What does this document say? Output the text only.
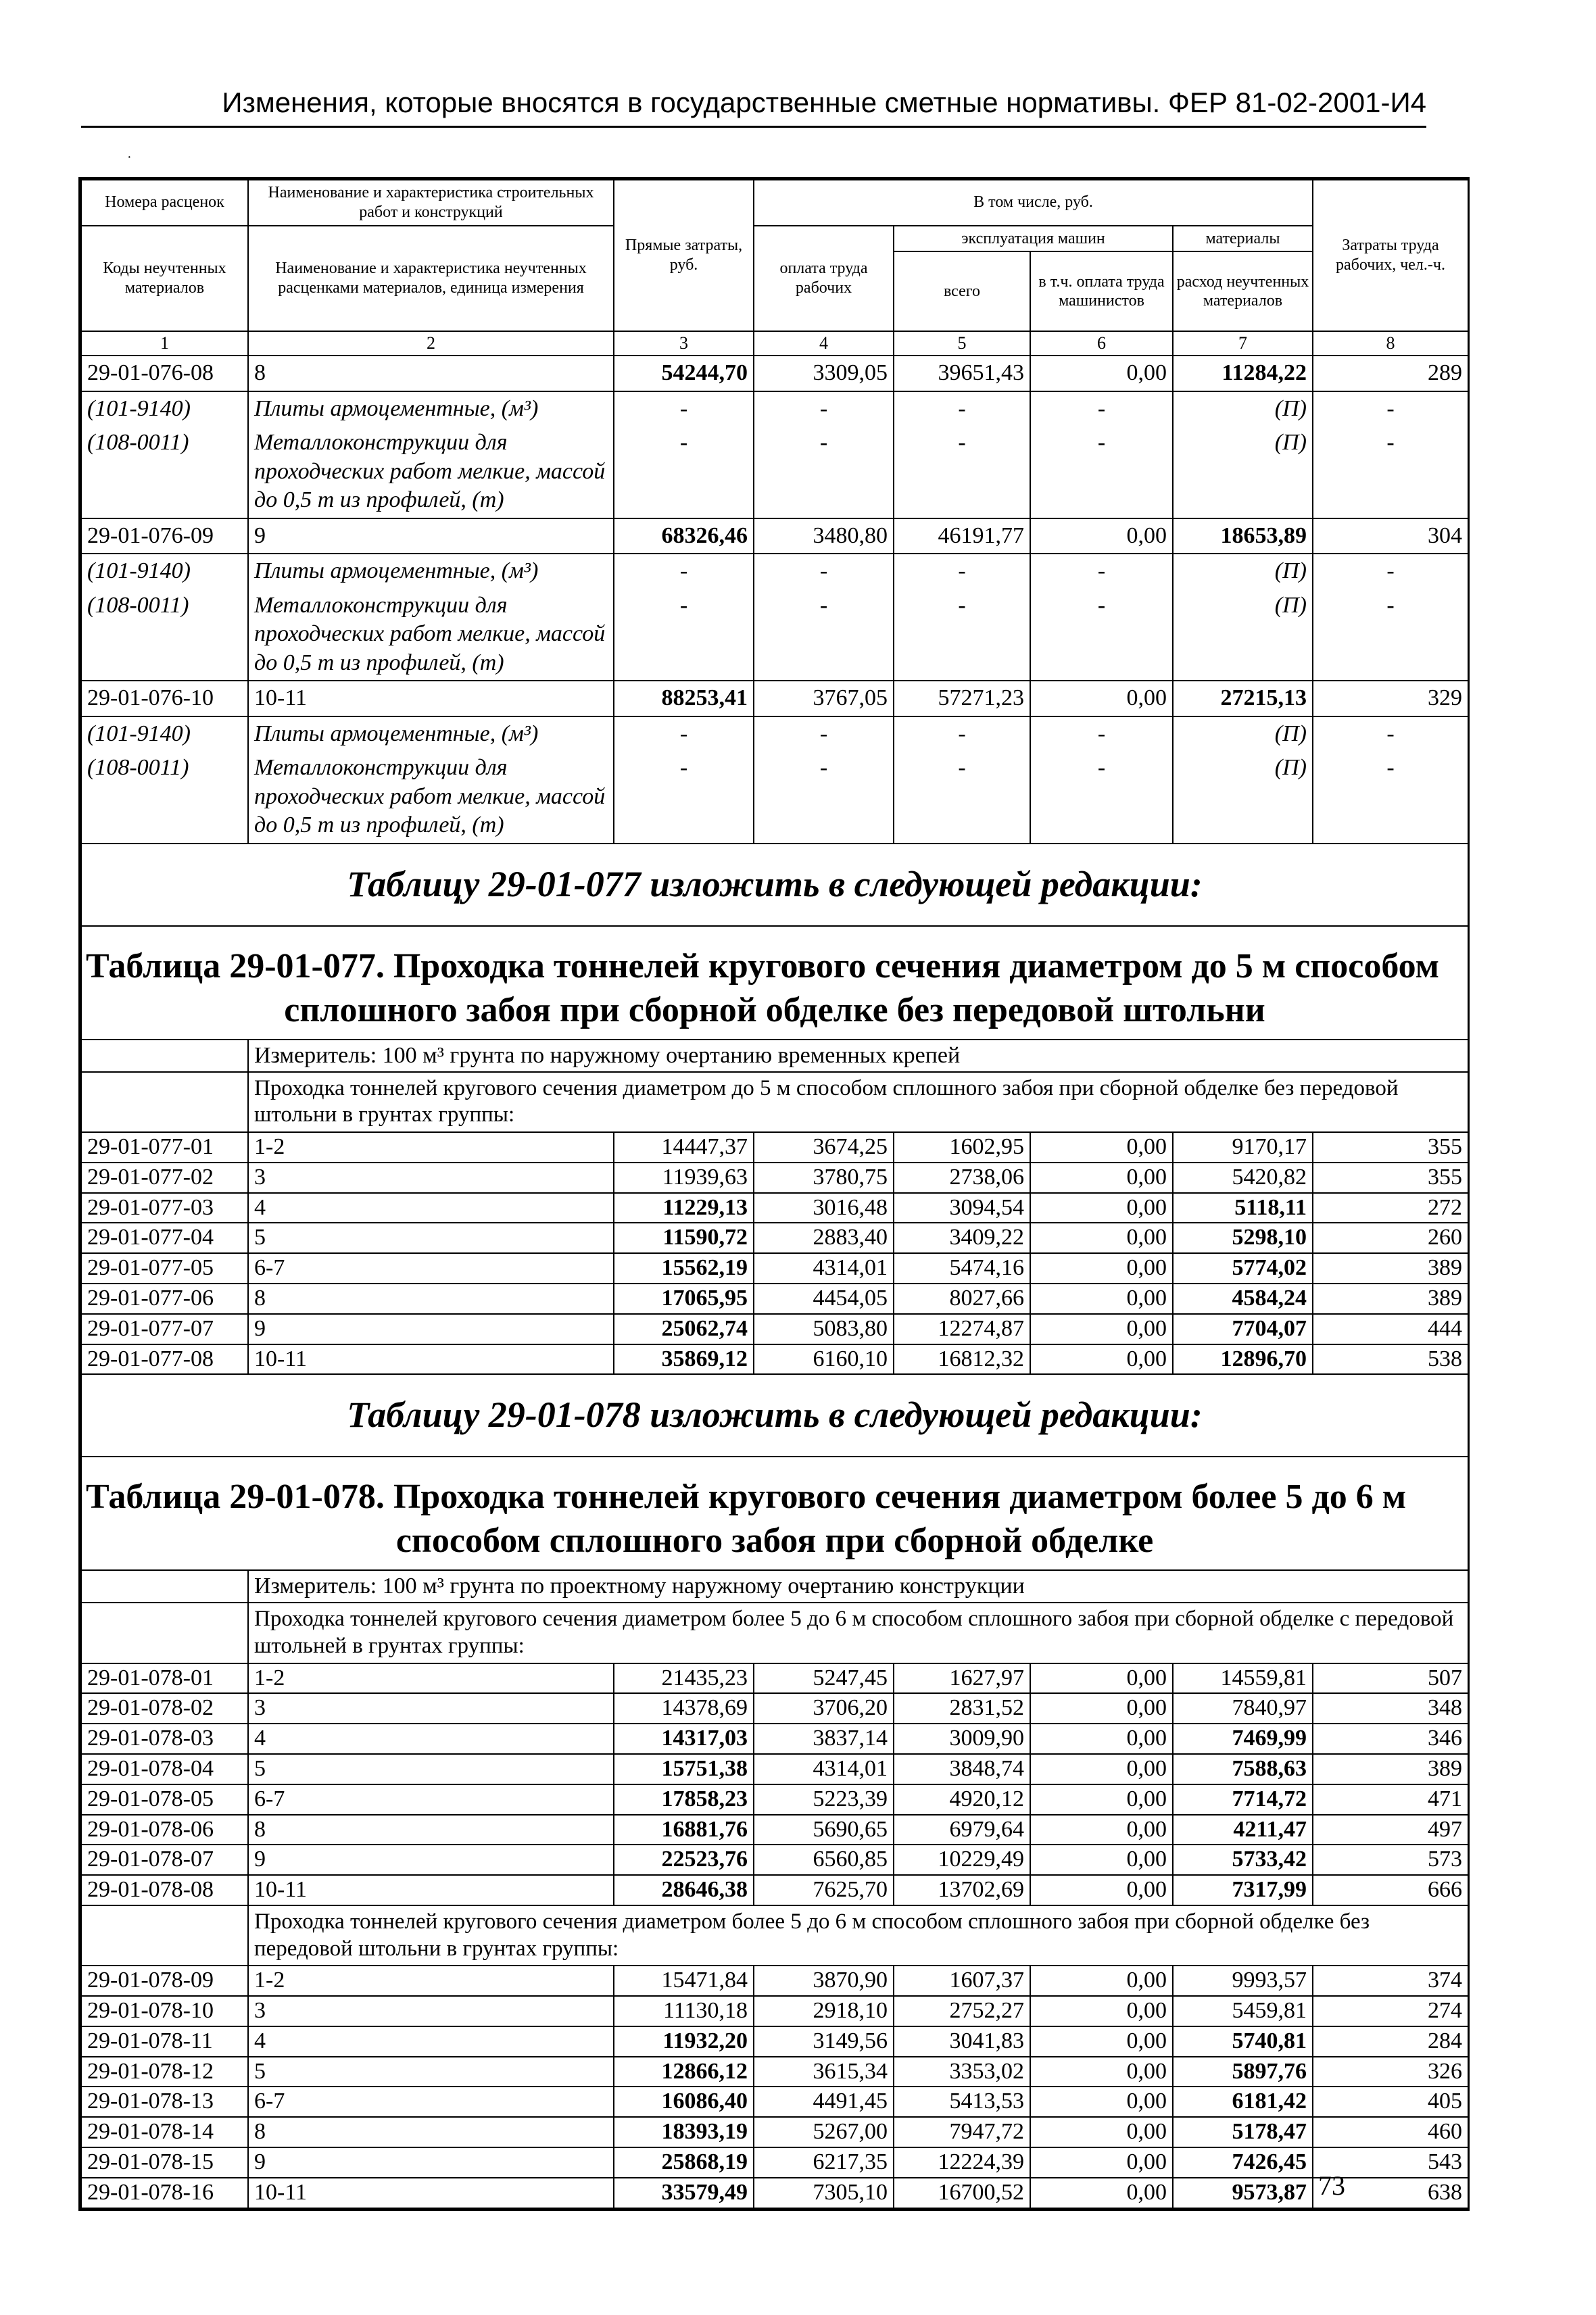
Изменения, которые вносятся в государственные сметные нормативы. ФЕР 81-02-2001-И4
·
Номера расценок	Наименование и характеристика строительных работ и конструкций	Прямые затраты, руб.	В том числе, руб.				Затраты труда рабочих, чел.-ч.
Коды неучтенных материалов	Наименование и характеристика неучтенных расценками материалов, единица измерения		оплата труда рабочих	эксплуатация машин		материалы	
				всего	в т.ч. оплата труда машинистов	расход неучтенных материалов	
1	2	3	4	5	6	7	8
29-01-076-08	8	54244,70	3309,05	39651,43	0,00	11284,22	289
(101-9140)	Плиты армоцементные, (м³)	-	-	-	-	(П)	-
(108-0011)	Металлоконструкции для проходческих работ мелкие, массой до 0,5 т из профилей, (т)	-	-	-	-	(П)	-
29-01-076-09	9	68326,46	3480,80	46191,77	0,00	18653,89	304
(101-9140)	Плиты армоцементные, (м³)	-	-	-	-	(П)	-
(108-0011)	Металлоконструкции для проходческих работ мелкие, массой до 0,5 т из профилей, (т)	-	-	-	-	(П)	-
29-01-076-10	10-11	88253,41	3767,05	57271,23	0,00	27215,13	329
(101-9140)	Плиты армоцементные, (м³)	-	-	-	-	(П)	-
(108-0011)	Металлоконструкции для проходческих работ мелкие, массой до 0,5 т из профилей, (т)	-	-	-	-	(П)	-
Таблицу 29-01-077 изложить в следующей редакции:							
Таблица 29-01-077. Проходка тоннелей кругового сечения диаметром до 5 м способом
сплошного забоя при сборной обделке без передовой штольни							

	Измеритель: 100 м³ грунта по наружному очертанию временных крепей						
	Проходка тоннелей кругового сечения диаметром до 5 м способом сплошного забоя при сборной обделке без передовой штольни в грунтах группы:						
29-01-077-01	1-2	14447,37	3674,25	1602,95	0,00	9170,17	355
29-01-077-02	3	11939,63	3780,75	2738,06	0,00	5420,82	355
29-01-077-03	4	11229,13	3016,48	3094,54	0,00	5118,11	272
29-01-077-04	5	11590,72	2883,40	3409,22	0,00	5298,10	260
29-01-077-05	6-7	15562,19	4314,01	5474,16	0,00	5774,02	389
29-01-077-06	8	17065,95	4454,05	8027,66	0,00	4584,24	389
29-01-077-07	9	25062,74	5083,80	12274,87	0,00	7704,07	444
29-01-077-08	10-11	35869,12	6160,10	16812,32	0,00	12896,70	538
Таблицу 29-01-078 изложить в следующей редакции:							
Таблица 29-01-078. Проходка тоннелей кругового сечения диаметром более 5 до 6 м
способом сплошного забоя при сборной обделке							

	Измеритель: 100 м³ грунта по проектному наружному очертанию конструкции						
	Проходка тоннелей кругового сечения диаметром более 5 до 6 м способом сплошного забоя при сборной обделке с передовой штольней в грунтах группы:						
29-01-078-01	1-2	21435,23	5247,45	1627,97	0,00	14559,81	507
29-01-078-02	3	14378,69	3706,20	2831,52	0,00	7840,97	348
29-01-078-03	4	14317,03	3837,14	3009,90	0,00	7469,99	346
29-01-078-04	5	15751,38	4314,01	3848,74	0,00	7588,63	389
29-01-078-05	6-7	17858,23	5223,39	4920,12	0,00	7714,72	471
29-01-078-06	8	16881,76	5690,65	6979,64	0,00	4211,47	497
29-01-078-07	9	22523,76	6560,85	10229,49	0,00	5733,42	573
29-01-078-08	10-11	28646,38	7625,70	13702,69	0,00	7317,99	666
	Проходка тоннелей кругового сечения диаметром более 5 до 6 м способом сплошного забоя при сборной обделке без передовой штольни в грунтах группы:						
29-01-078-09	1-2	15471,84	3870,90	1607,37	0,00	9993,57	374
29-01-078-10	3	11130,18	2918,10	2752,27	0,00	5459,81	274
29-01-078-11	4	11932,20	3149,56	3041,83	0,00	5740,81	284
29-01-078-12	5	12866,12	3615,34	3353,02	0,00	5897,76	326
29-01-078-13	6-7	16086,40	4491,45	5413,53	0,00	6181,42	405
29-01-078-14	8	18393,19	5267,00	7947,72	0,00	5178,47	460
29-01-078-15	9	25868,19	6217,35	12224,39	0,00	7426,45	543
29-01-078-16	10-11	33579,49	7305,10	16700,52	0,00	9573,87	638
73
